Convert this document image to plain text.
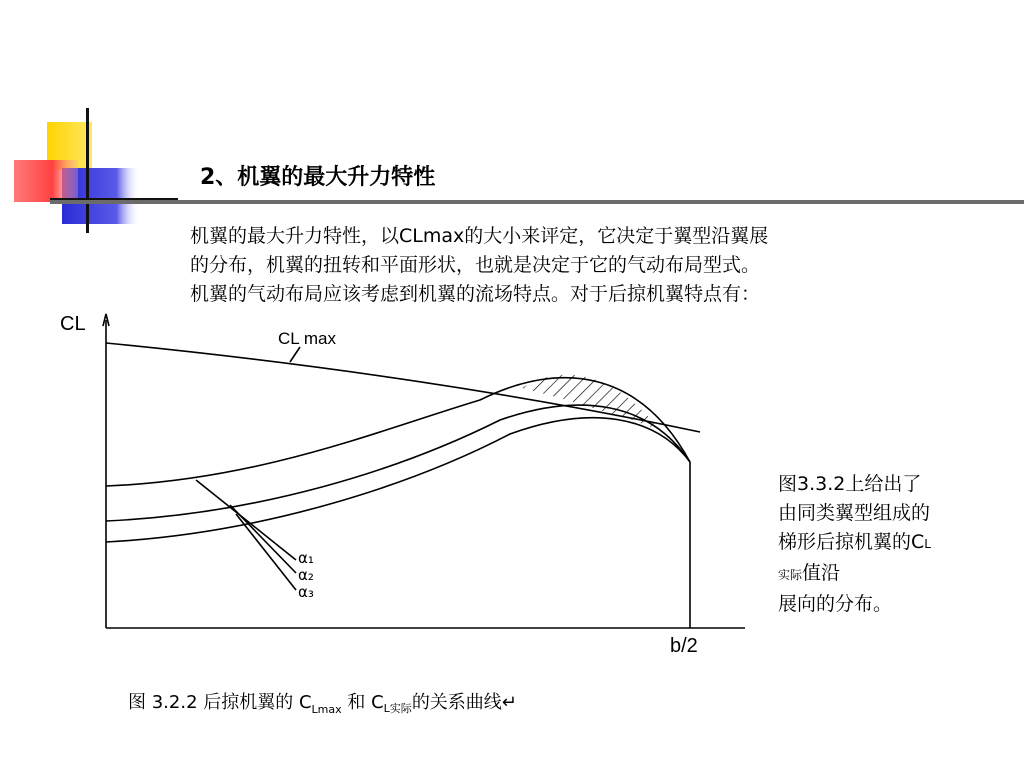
2、机翼的最大升力特性
机翼的最大升力特性，以CLmax的大小来评定，它决定于翼型沿翼展
的分布，机翼的扭转和平面形状，也就是决定于它的气动布局型式。
机翼的气动布局应该考虑到机翼的流场特点。对于后掠机翼特点有：
CL
b/2
CL max
α₁
α₂
α₃
图 3.2.2 后掠机翼的 $C_{Lmax}$ 和 $C_{L实际}$的关系曲线↵
图3.3.2上给出了
由同类翼型组成的
梯形后掠机翼的CL
实际值沿
展向的分布。
